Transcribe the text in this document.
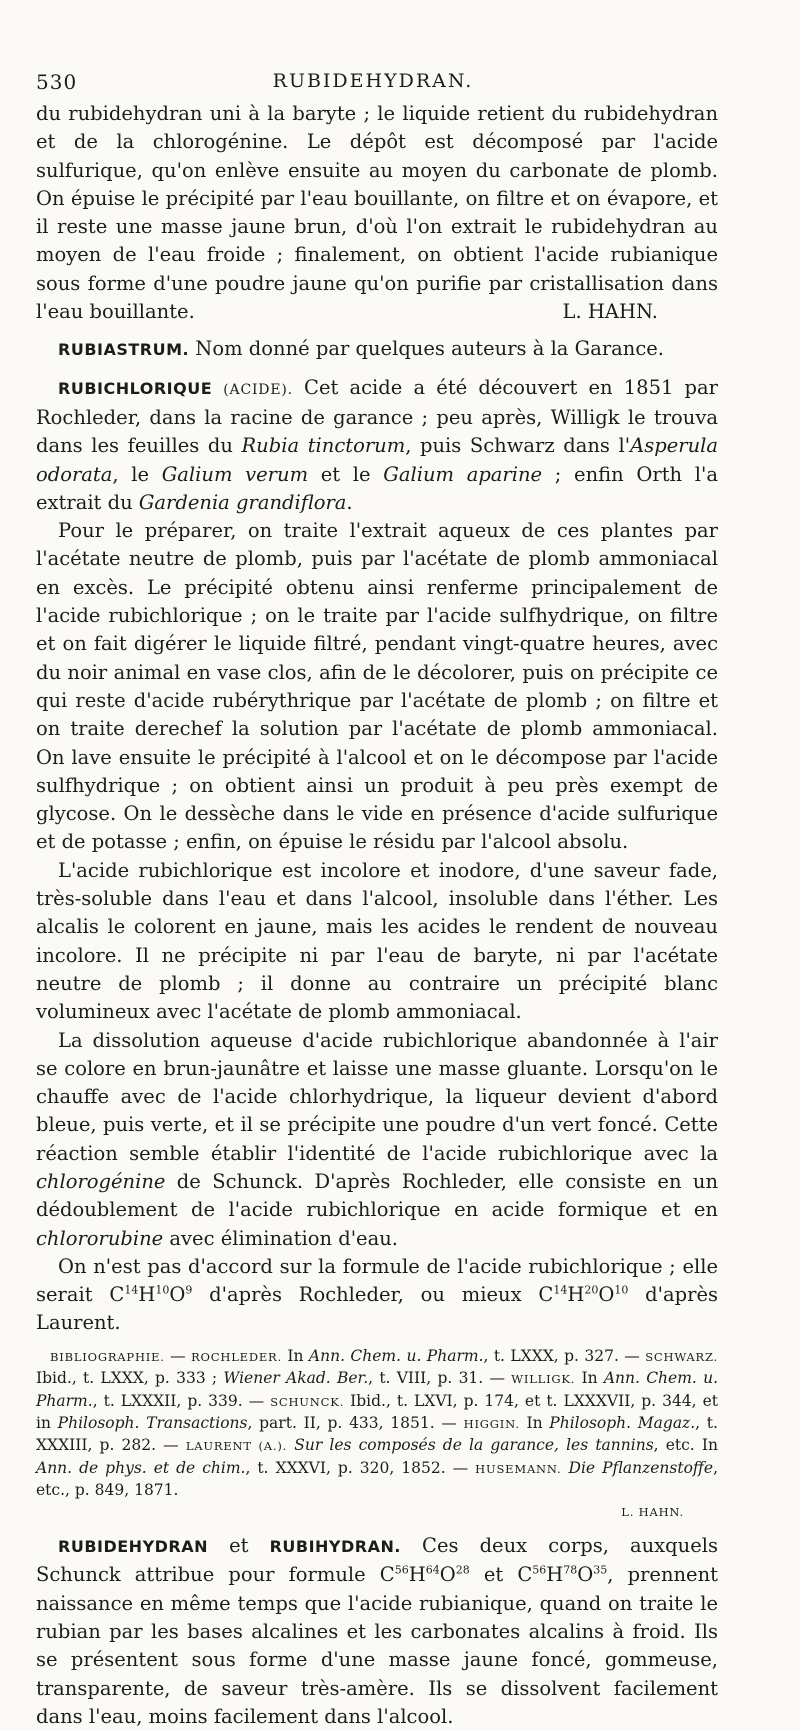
530	RUBIDEHYDRAN.

du rubidehydran uni à la baryte ; le liquide retient du rubidehydran et de la chlorogénine. Le dépôt est décomposé par l'acide sulfurique, qu'on enlève ensuite au moyen du carbonate de plomb. On épuise le précipité par l'eau bouillante, on filtre et on évapore, et il reste une masse jaune brun, d'où l'on extrait le rubidehydran au moyen de l'eau froide ; finalement, on obtient l'acide rubianique sous forme d'une poudre jaune qu'on purifie par cristallisation dans l'eau bouillante.	L. HAHN.

RUBIASTRUM. Nom donné par quelques auteurs à la Garance.

RUBICHLORIQUE (ACIDE). Cet acide a été découvert en 1851 par Rochleder, dans la racine de garance ; peu après, Willigk le trouva dans les feuilles du Rubia tinctorum, puis Schwarz dans l'Asperula odorata, le Galium verum et le Galium aparine ; enfin Orth l'a extrait du Gardenia grandiflora.

Pour le préparer, on traite l'extrait aqueux de ces plantes par l'acétate neutre de plomb, puis par l'acétate de plomb ammoniacal en excès. Le précipité obtenu ainsi renferme principalement de l'acide rubichlorique ; on le traite par l'acide sulfhydrique, on filtre et on fait digérer le liquide filtré, pendant vingt-quatre heures, avec du noir animal en vase clos, afin de le décolorer, puis on précipite ce qui reste d'acide rubérythrique par l'acétate de plomb ; on filtre et on traite derechef la solution par l'acétate de plomb ammoniacal. On lave ensuite le précipité à l'alcool et on le décompose par l'acide sulfhydrique ; on obtient ainsi un produit à peu près exempt de glycose. On le dessèche dans le vide en présence d'acide sulfurique et de potasse ; enfin, on épuise le résidu par l'alcool absolu.

L'acide rubichlorique est incolore et inodore, d'une saveur fade, très-soluble dans l'eau et dans l'alcool, insoluble dans l'éther. Les alcalis le colorent en jaune, mais les acides le rendent de nouveau incolore. Il ne précipite ni par l'eau de baryte, ni par l'acétate neutre de plomb ; il donne au contraire un précipité blanc volumineux avec l'acétate de plomb ammoniacal.

La dissolution aqueuse d'acide rubichlorique abandonnée à l'air se colore en brun-jaunâtre et laisse une masse gluante. Lorsqu'on le chauffe avec de l'acide chlorhydrique, la liqueur devient d'abord bleue, puis verte, et il se précipite une poudre d'un vert foncé. Cette réaction semble établir l'identité de l'acide rubichlorique avec la chlorogénine de Schunck. D'après Rochleder, elle consiste en un dédoublement de l'acide rubichlorique en acide formique et en chlororubine avec élimination d'eau.

On n'est pas d'accord sur la formule de l'acide rubichlorique ; elle serait $C^{14}H^{10}O^9$ d'après Rochleder, ou mieux $C^{14}H^{20}O^{10}$ d'après Laurent.

BIBLIOGRAPHIE. — ROCHLEDER. In Ann. Chem. u. Pharm., t. LXXX, p. 327. — SCHWARZ. Ibid., t. LXXX, p. 333 ; Wiener Akad. Ber., t. VIII, p. 31. — WILLIGK. In Ann. Chem. u. Pharm., t. LXXXII, p. 339. — SCHUNCK. Ibid., t. LXVI, p. 174, et t. LXXXVII, p. 344, et in Philosoph. Transactions, part. II, p. 433, 1851. — HIGGIN. In Philosoph. Magaz., t. XXXIII, p. 282. — LAURENT (A.). Sur les composés de la garance, les tannins, etc. In Ann. de phys. et de chim., t. XXXVI, p. 320, 1852. — HUSEMANN. Die Pflanzenstoffe, etc., p. 849, 1871.
L. HAHN.

RUBIDEHYDRAN et RUBIHYDRAN. Ces deux corps, auxquels Schunck attribue pour formule $C^{56}H^{64}O^{28}$ et $C^{56}H^{78}O^{35}$, prennent naissance en même temps que l'acide rubianique, quand on traite le rubian par les bases alcalines et les carbonates alcalins à froid. Ils se présentent sous forme d'une masse jaune foncé, gommeuse, transparente, de saveur très-amère. Ils se dissolvent facilement dans l'eau, moins facilement dans l'alcool.
